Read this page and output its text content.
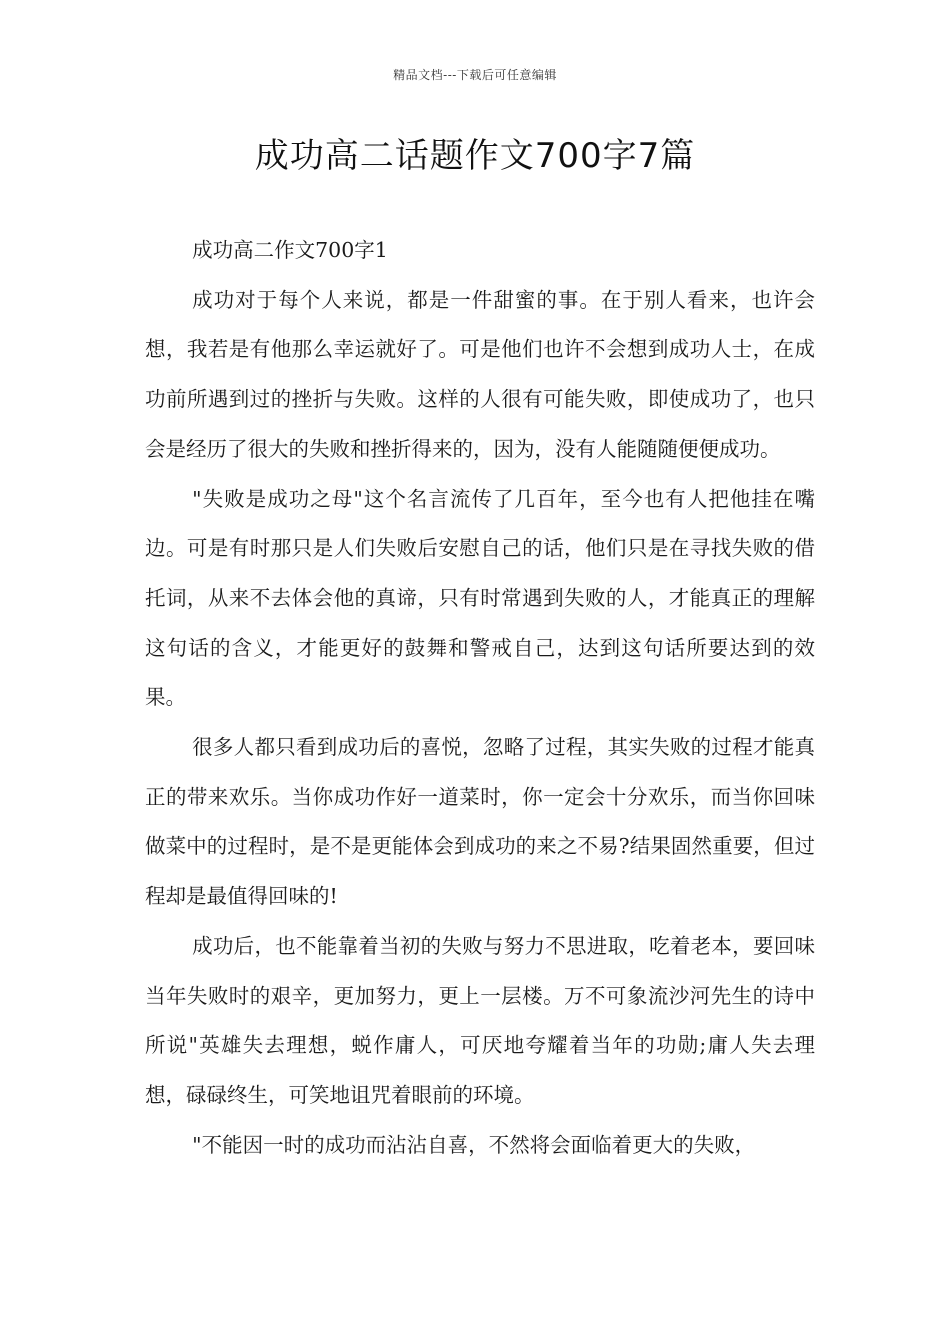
精品文档---下载后可任意编辑
成功高二话题作文700字7篇

成功高二作文700字1

成功对于每个人来说，都是一件甜蜜的事。在于别人看来，也许会想，我若是有他那么幸运就好了。可是他们也许不会想到成功人士，在成功前所遇到过的挫折与失败。这样的人很有可能失败，即使成功了，也只会是经历了很大的失败和挫折得来的，因为，没有人能随随便便成功。

"失败是成功之母"这个名言流传了几百年，至今也有人把他挂在嘴边。可是有时那只是人们失败后安慰自己的话，他们只是在寻找失败的借托词，从来不去体会他的真谛，只有时常遇到失败的人，才能真正的理解这句话的含义，才能更好的鼓舞和警戒自己，达到这句话所要达到的效果。

很多人都只看到成功后的喜悦，忽略了过程，其实失败的过程才能真正的带来欢乐。当你成功作好一道菜时，你一定会十分欢乐，而当你回味做菜中的过程时，是不是更能体会到成功的来之不易?结果固然重要，但过程却是最值得回味的!

成功后，也不能靠着当初的失败与努力不思进取，吃着老本，要回味当年失败时的艰辛，更加努力，更上一层楼。万不可象流沙河先生的诗中所说"英雄失去理想，蜕作庸人，可厌地夸耀着当年的功勋;庸人失去理想，碌碌终生，可笑地诅咒着眼前的环境。

"不能因一时的成功而沾沾自喜，不然将会面临着更大的失败，
